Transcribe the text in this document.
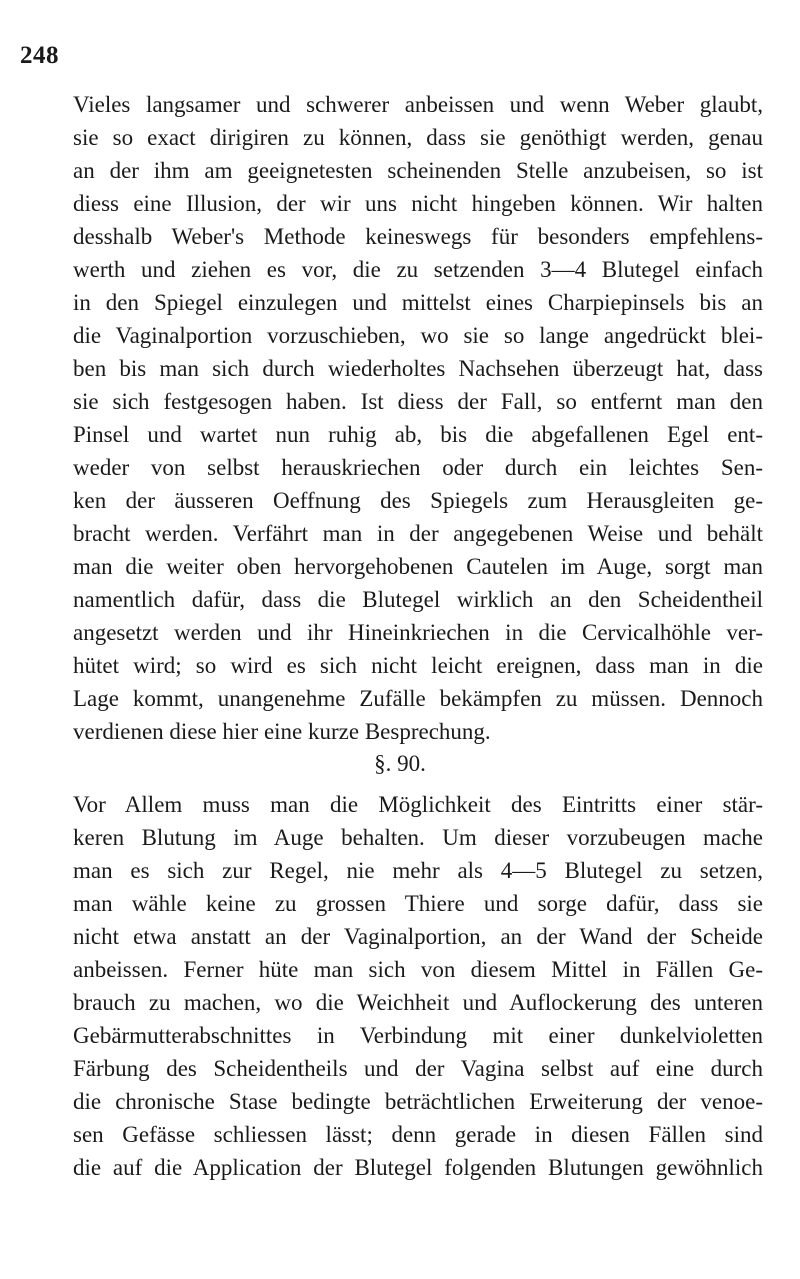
248
Vieles langsamer und schwerer anbeissen und wenn Weber glaubt,
sie so exact dirigiren zu können, dass sie genöthigt werden, genau
an der ihm am geeignetesten scheinenden Stelle anzubeisen, so ist
diess eine Illusion, der wir uns nicht hingeben können. Wir halten
desshalb Weber's Methode keineswegs für besonders empfehlens-
werth und ziehen es vor, die zu setzenden 3—4 Blutegel einfach
in den Spiegel einzulegen und mittelst eines Charpiepinsels bis an
die Vaginalportion vorzuschieben, wo sie so lange angedrückt blei-
ben bis man sich durch wiederholtes Nachsehen überzeugt hat, dass
sie sich festgesogen haben. Ist diess der Fall, so entfernt man den
Pinsel und wartet nun ruhig ab, bis die abgefallenen Egel ent-
weder von selbst herauskriechen oder durch ein leichtes Sen-
ken der äusseren Oeffnung des Spiegels zum Herausgleiten ge-
bracht werden. Verfährt man in der angegebenen Weise und behält
man die weiter oben hervorgehobenen Cautelen im Auge, sorgt man
namentlich dafür, dass die Blutegel wirklich an den Scheidentheil
angesetzt werden und ihr Hineinkriechen in die Cervicalhöhle ver-
hütet wird; so wird es sich nicht leicht ereignen, dass man in die
Lage kommt, unangenehme Zufälle bekämpfen zu müssen. Dennoch
verdienen diese hier eine kurze Besprechung.
§. 90.
Vor Allem muss man die Möglichkeit des Eintritts einer stär-
keren Blutung im Auge behalten. Um dieser vorzubeugen mache
man es sich zur Regel, nie mehr als 4—5 Blutegel zu setzen,
man wähle keine zu grossen Thiere und sorge dafür, dass sie
nicht etwa anstatt an der Vaginalportion, an der Wand der Scheide
anbeissen. Ferner hüte man sich von diesem Mittel in Fällen Ge-
brauch zu machen, wo die Weichheit und Auflockerung des unteren
Gebärmutterabschnittes in Verbindung mit einer dunkelvioletten
Färbung des Scheidentheils und der Vagina selbst auf eine durch
die chronische Stase bedingte beträchtlichen Erweiterung der venoe-
sen Gefässe schliessen lässt; denn gerade in diesen Fällen sind
die auf die Application der Blutegel folgenden Blutungen gewöhnlich
